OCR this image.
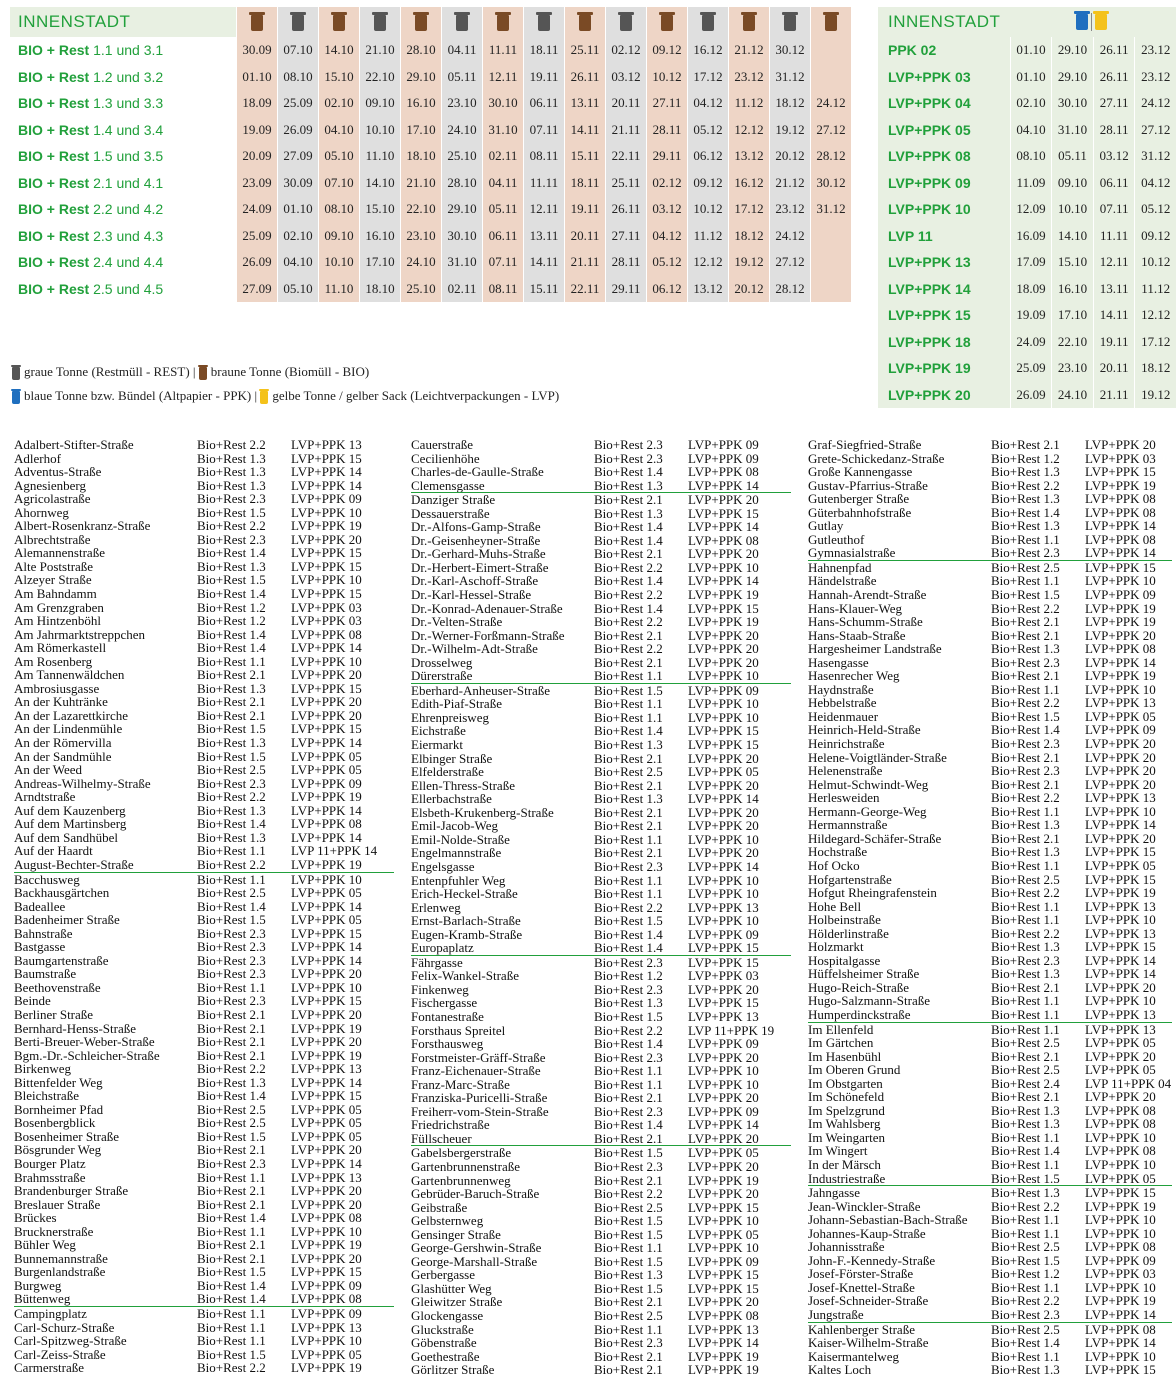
INNENSTADT															
BIO + Rest 1.1 und 3.1	30.09	07.10	14.10	21.10	28.10	04.11	11.11	18.11	25.11	02.12	09.12	16.12	21.12	30.12	
BIO + Rest 1.2 und 3.2	01.10	08.10	15.10	22.10	29.10	05.11	12.11	19.11	26.11	03.12	10.12	17.12	23.12	31.12	
BIO + Rest 1.3 und 3.3	18.09	25.09	02.10	09.10	16.10	23.10	30.10	06.11	13.11	20.11	27.11	04.12	11.12	18.12	24.12
BIO + Rest 1.4 und 3.4	19.09	26.09	04.10	10.10	17.10	24.10	31.10	07.11	14.11	21.11	28.11	05.12	12.12	19.12	27.12
BIO + Rest 1.5 und 3.5	20.09	27.09	05.10	11.10	18.10	25.10	02.11	08.11	15.11	22.11	29.11	06.12	13.12	20.12	28.12
BIO + Rest 2.1 und 4.1	23.09	30.09	07.10	14.10	21.10	28.10	04.11	11.11	18.11	25.11	02.12	09.12	16.12	21.12	30.12
BIO + Rest 2.2 und 4.2	24.09	01.10	08.10	15.10	22.10	29.10	05.11	12.11	19.11	26.11	03.12	10.12	17.12	23.12	31.12
BIO + Rest 2.3 und 4.3	25.09	02.10	09.10	16.10	23.10	30.10	06.11	13.11	20.11	27.11	04.12	11.12	18.12	24.12	
BIO + Rest 2.4 und 4.4	26.09	04.10	10.10	17.10	24.10	31.10	07.11	14.11	21.11	28.11	05.12	12.12	19.12	27.12	
BIO + Rest 2.5 und 4.5	27.09	05.10	11.10	18.10	25.10	02.11	08.11	15.11	22.11	29.11	06.12	13.12	20.12	28.12	
INNENSTADT				
PPK 02	01.10	29.10	26.11	23.12
LVP+PPK 03	01.10	29.10	26.11	23.12
LVP+PPK 04	02.10	30.10	27.11	24.12
LVP+PPK 05	04.10	31.10	28.11	27.12
LVP+PPK 08	08.10	05.11	03.12	31.12
LVP+PPK 09	11.09	09.10	06.11	04.12
LVP+PPK 10	12.09	10.10	07.11	05.12
LVP 11	16.09	14.10	11.11	09.12
LVP+PPK 13	17.09	15.10	12.11	10.12
LVP+PPK 14	18.09	16.10	13.11	11.12
LVP+PPK 15	19.09	17.10	14.11	12.12
LVP+PPK 18	24.09	22.10	19.11	17.12
LVP+PPK 19	25.09	23.10	20.11	18.12
LVP+PPK 20	26.09	24.10	21.11	19.12
graue Tonne (Restmüll - REST) | braune Tonne (Biomüll - BIO)
blaue Tonne bzw. Bündel (Altpapier - PPK) | gelbe Tonne / gelber Sack (Leichtverpackungen - LVP)
Adalbert-Stifter-Straße	Bio+Rest 2.2 LVP+PPK 13
Adlerhof	Bio+Rest 1.3 LVP+PPK 15
Adventus-Straße	Bio+Rest 1.3 LVP+PPK 14
Agnesienberg	Bio+Rest 1.3 LVP+PPK 14
Agricolastraße	Bio+Rest 2.3 LVP+PPK 09
Ahornweg	Bio+Rest 1.5 LVP+PPK 10
Albert-Rosenkranz-Straße	Bio+Rest 2.2 LVP+PPK 19
Albrechtstraße	Bio+Rest 2.3 LVP+PPK 20
Alemannenstraße	Bio+Rest 1.4 LVP+PPK 15
Alte Poststraße	Bio+Rest 1.3 LVP+PPK 15
Alzeyer Straße	Bio+Rest 1.5 LVP+PPK 10
Am Bahndamm	Bio+Rest 1.4 LVP+PPK 15
Am Grenzgraben	Bio+Rest 1.2 LVP+PPK 03
Am Hintzenböhl	Bio+Rest 1.2 LVP+PPK 03
Am Jahrmarktstreppchen	Bio+Rest 1.4 LVP+PPK 08
Am Römerkastell	Bio+Rest 1.4 LVP+PPK 14
Am Rosenberg	Bio+Rest 1.1 LVP+PPK 10
Am Tannenwäldchen	Bio+Rest 2.1 LVP+PPK 20
Ambrosiusgasse	Bio+Rest 1.3 LVP+PPK 15
An der Kuhtränke	Bio+Rest 2.1 LVP+PPK 20
An der Lazarettkirche	Bio+Rest 2.1 LVP+PPK 20
An der Lindenmühle	Bio+Rest 1.5 LVP+PPK 15
An der Römervilla	Bio+Rest 1.3 LVP+PPK 14
An der Sandmühle	Bio+Rest 1.5 LVP+PPK 05
An der Weed	Bio+Rest 2.5 LVP+PPK 05
Andreas-Wilhelmy-Straße	Bio+Rest 2.3 LVP+PPK 09
Arndtstraße	Bio+Rest 2.2 LVP+PPK 19
Auf dem Kauzenberg	Bio+Rest 1.3 LVP+PPK 14
Auf dem Martinsberg	Bio+Rest 1.4 LVP+PPK 08
Auf dem Sandhübel	Bio+Rest 1.3 LVP+PPK 14
Auf der Haardt	Bio+Rest 1.1 LVP 11+PPK 14
August-Bechter-Straße	Bio+Rest 2.2 LVP+PPK 19
Bacchusweg	Bio+Rest 1.1 LVP+PPK 10
Backhausgärtchen	Bio+Rest 2.5 LVP+PPK 05
Badeallee	Bio+Rest 1.4 LVP+PPK 14
Badenheimer Straße	Bio+Rest 1.5 LVP+PPK 05
Bahnstraße	Bio+Rest 2.3 LVP+PPK 15
Bastgasse	Bio+Rest 2.3 LVP+PPK 14
Baumgartenstraße	Bio+Rest 2.3 LVP+PPK 14
Baumstraße	Bio+Rest 2.3 LVP+PPK 20
Beethovenstraße	Bio+Rest 1.1 LVP+PPK 10
Beinde	Bio+Rest 2.3 LVP+PPK 15
Berliner Straße	Bio+Rest 2.1 LVP+PPK 20
Bernhard-Henss-Straße	Bio+Rest 2.1 LVP+PPK 19
Berti-Breuer-Weber-Straße	Bio+Rest 2.1 LVP+PPK 20
Bgm.-Dr.-Schleicher-Straße	Bio+Rest 2.1 LVP+PPK 19
Birkenweg	Bio+Rest 2.2 LVP+PPK 13
Bittenfelder Weg	Bio+Rest 1.3 LVP+PPK 14
Bleichstraße	Bio+Rest 1.4 LVP+PPK 15
Bornheimer Pfad	Bio+Rest 2.5 LVP+PPK 05
Bosenbergblick	Bio+Rest 2.5 LVP+PPK 05
Bosenheimer Straße	Bio+Rest 1.5 LVP+PPK 05
Bösgrunder Weg	Bio+Rest 2.1 LVP+PPK 20
Bourger Platz	Bio+Rest 2.3 LVP+PPK 14
Brahmsstraße	Bio+Rest 1.1 LVP+PPK 13
Brandenburger Straße	Bio+Rest 2.1 LVP+PPK 20
Breslauer Straße	Bio+Rest 2.1 LVP+PPK 20
Brückes	Bio+Rest 1.4 LVP+PPK 08
Brucknerstraße	Bio+Rest 1.1 LVP+PPK 10
Bühler Weg	Bio+Rest 2.1 LVP+PPK 19
Bunnemannstraße	Bio+Rest 2.1 LVP+PPK 20
Burgenlandstraße	Bio+Rest 1.5 LVP+PPK 15
Burgweg	Bio+Rest 1.4 LVP+PPK 09
Büttenweg	Bio+Rest 1.4 LVP+PPK 08
Campingplatz	Bio+Rest 1.1 LVP+PPK 09
Carl-Schurz-Straße	Bio+Rest 1.1 LVP+PPK 13
Carl-Spitzweg-Straße	Bio+Rest 1.1 LVP+PPK 10
Carl-Zeiss-Straße	Bio+Rest 1.5 LVP+PPK 05
Carmerstraße	Bio+Rest 2.2 LVP+PPK 19
Cauerstraße	Bio+Rest 2.3 LVP+PPK 09
Cecilienhöhe	Bio+Rest 2.3 LVP+PPK 09
Charles-de-Gaulle-Straße	Bio+Rest 1.4 LVP+PPK 08
Clemensgasse	Bio+Rest 1.3 LVP+PPK 14
Danziger Straße	Bio+Rest 2.1 LVP+PPK 20
Dessauerstraße	Bio+Rest 1.3 LVP+PPK 15
Dr.-Alfons-Gamp-Straße	Bio+Rest 1.4 LVP+PPK 14
Dr.-Geisenheyner-Straße	Bio+Rest 1.4 LVP+PPK 08
Dr.-Gerhard-Muhs-Straße	Bio+Rest 2.1 LVP+PPK 20
Dr.-Herbert-Eimert-Straße	Bio+Rest 2.2 LVP+PPK 10
Dr.-Karl-Aschoff-Straße	Bio+Rest 1.4 LVP+PPK 14
Dr.-Karl-Hessel-Straße	Bio+Rest 2.2 LVP+PPK 19
Dr.-Konrad-Adenauer-Straße Bio+Rest 1.4 LVP+PPK 15
Dr.-Velten-Straße	Bio+Rest 2.2 LVP+PPK 19
Dr.-Werner-Forßmann-Straße Bio+Rest 2.1 LVP+PPK 20
Dr.-Wilhelm-Adt-Straße	Bio+Rest 2.2 LVP+PPK 20
Drosselweg	Bio+Rest 2.1 LVP+PPK 20
Dürerstraße	Bio+Rest 1.1 LVP+PPK 10
Eberhard-Anheuser-Straße	Bio+Rest 1.5 LVP+PPK 09
Edith-Piaf-Straße	Bio+Rest 1.1 LVP+PPK 10
Ehrenpreisweg	Bio+Rest 1.1 LVP+PPK 10
Eichstraße	Bio+Rest 1.4 LVP+PPK 15
Eiermarkt	Bio+Rest 1.3 LVP+PPK 15
Elbinger Straße	Bio+Rest 2.1 LVP+PPK 20
Elfelderstraße	Bio+Rest 2.5 LVP+PPK 05
Ellen-Thress-Straße	Bio+Rest 2.1 LVP+PPK 20
Ellerbachstraße	Bio+Rest 1.3 LVP+PPK 14
Elsbeth-Krukenberg-Straße	Bio+Rest 2.1 LVP+PPK 20
Emil-Jacob-Weg	Bio+Rest 2.1 LVP+PPK 20
Emil-Nolde-Straße	Bio+Rest 1.1 LVP+PPK 10
Engelmannstraße	Bio+Rest 2.1 LVP+PPK 20
Engelsgasse	Bio+Rest 2.3 LVP+PPK 14
Entenpfuhler Weg	Bio+Rest 1.1 LVP+PPK 10
Erich-Heckel-Straße	Bio+Rest 1.1 LVP+PPK 10
Erlenweg	Bio+Rest 2.2 LVP+PPK 13
Ernst-Barlach-Straße	Bio+Rest 1.5 LVP+PPK 10
Eugen-Kramb-Straße	Bio+Rest 1.4 LVP+PPK 09
Europaplatz	Bio+Rest 1.4 LVP+PPK 15
Fährgasse	Bio+Rest 2.3 LVP+PPK 15
Felix-Wankel-Straße	Bio+Rest 1.2 LVP+PPK 03
Finkenweg	Bio+Rest 2.3 LVP+PPK 20
Fischergasse	Bio+Rest 1.3 LVP+PPK 15
Fontanestraße	Bio+Rest 1.5 LVP+PPK 13
Forsthaus Spreitel	Bio+Rest 2.2 LVP 11+PPK 19
Forsthausweg	Bio+Rest 1.4 LVP+PPK 09
Forstmeister-Gräff-Straße	Bio+Rest 2.3 LVP+PPK 20
Franz-Eichenauer-Straße	Bio+Rest 1.1 LVP+PPK 10
Franz-Marc-Straße	Bio+Rest 1.1 LVP+PPK 10
Franziska-Puricelli-Straße	Bio+Rest 2.1 LVP+PPK 20
Freiherr-vom-Stein-Straße	Bio+Rest 2.3 LVP+PPK 09
Friedrichstraße	Bio+Rest 1.4 LVP+PPK 14
Füllscheuer	Bio+Rest 2.1 LVP+PPK 20
Gabelsbergerstraße	Bio+Rest 1.5 LVP+PPK 05
Gartenbrunnenstraße	Bio+Rest 2.3 LVP+PPK 20
Gartenbrunnenweg	Bio+Rest 2.1 LVP+PPK 19
Gebrüder-Baruch-Straße	Bio+Rest 2.2 LVP+PPK 20
Geibstraße	Bio+Rest 2.5 LVP+PPK 15
Gelbsternweg	Bio+Rest 1.5 LVP+PPK 10
Gensinger Straße	Bio+Rest 1.5 LVP+PPK 05
George-Gershwin-Straße	Bio+Rest 1.1 LVP+PPK 10
George-Marshall-Straße	Bio+Rest 1.5 LVP+PPK 09
Gerbergasse	Bio+Rest 1.3 LVP+PPK 15
Glashütter Weg	Bio+Rest 1.5 LVP+PPK 15
Gleiwitzer Straße	Bio+Rest 2.1 LVP+PPK 20
Glockengasse	Bio+Rest 2.5 LVP+PPK 08
Gluckstraße	Bio+Rest 1.1 LVP+PPK 13
Göbenstraße	Bio+Rest 2.3 LVP+PPK 14
Goethestraße	Bio+Rest 2.1 LVP+PPK 19
Görlitzer Straße	Bio+Rest 2.1 LVP+PPK 19
Graf-Siegfried-Straße	Bio+Rest 2.1 LVP+PPK 20
Grete-Schickedanz-Straße	Bio+Rest 1.2 LVP+PPK 03
Große Kannengasse	Bio+Rest 1.3 LVP+PPK 15
Gustav-Pfarrius-Straße	Bio+Rest 2.2 LVP+PPK 19
Gutenberger Straße	Bio+Rest 1.3 LVP+PPK 08
Güterbahnhofstraße	Bio+Rest 1.4 LVP+PPK 08
Gutlay	Bio+Rest 1.3 LVP+PPK 14
Gutleuthof	Bio+Rest 1.1 LVP+PPK 08
Gymnasialstraße	Bio+Rest 2.3 LVP+PPK 14
Hahnenpfad	Bio+Rest 2.5 LVP+PPK 15
Händelstraße	Bio+Rest 1.1 LVP+PPK 10
Hannah-Arendt-Straße	Bio+Rest 1.5 LVP+PPK 09
Hans-Klauer-Weg	Bio+Rest 2.2 LVP+PPK 19
Hans-Schumm-Straße	Bio+Rest 2.1 LVP+PPK 19
Hans-Staab-Straße	Bio+Rest 2.1 LVP+PPK 20
Hargesheimer Landstraße	Bio+Rest 1.3 LVP+PPK 08
Hasengasse	Bio+Rest 2.3 LVP+PPK 14
Hasenrecher Weg	Bio+Rest 2.1 LVP+PPK 19
Haydnstraße	Bio+Rest 1.1 LVP+PPK 10
Hebbelstraße	Bio+Rest 2.2 LVP+PPK 13
Heidenmauer	Bio+Rest 1.5 LVP+PPK 05
Heinrich-Held-Straße	Bio+Rest 1.4 LVP+PPK 09
Heinrichstraße	Bio+Rest 2.3 LVP+PPK 20
Helene-Voigtländer-Straße	Bio+Rest 2.1 LVP+PPK 20
Helenenstraße	Bio+Rest 2.3 LVP+PPK 20
Helmut-Schwindt-Weg	Bio+Rest 2.1 LVP+PPK 20
Herlesweiden	Bio+Rest 2.2 LVP+PPK 13
Hermann-George-Weg	Bio+Rest 1.1 LVP+PPK 10
Hermannstraße	Bio+Rest 1.3 LVP+PPK 14
Hildegard-Schäfer-Straße	Bio+Rest 2.1 LVP+PPK 20
Hochstraße	Bio+Rest 1.3 LVP+PPK 15
Hof Ocko	Bio+Rest 1.1 LVP+PPK 05
Hofgartenstraße	Bio+Rest 2.5 LVP+PPK 15
Hofgut Rheingrafenstein	Bio+Rest 2.2 LVP+PPK 19
Hohe Bell	Bio+Rest 1.1 LVP+PPK 13
Holbeinstraße	Bio+Rest 1.1 LVP+PPK 10
Hölderlinstraße	Bio+Rest 2.2 LVP+PPK 13
Holzmarkt	Bio+Rest 1.3 LVP+PPK 15
Hospitalgasse	Bio+Rest 2.3 LVP+PPK 14
Hüffelsheimer Straße	Bio+Rest 1.3 LVP+PPK 14
Hugo-Reich-Straße	Bio+Rest 2.1 LVP+PPK 20
Hugo-Salzmann-Straße	Bio+Rest 1.1 LVP+PPK 10
Humperdinckstraße	Bio+Rest 1.1 LVP+PPK 13
Im Ellenfeld	Bio+Rest 1.1 LVP+PPK 13
Im Gärtchen	Bio+Rest 2.5 LVP+PPK 05
Im Hasenbühl	Bio+Rest 2.1 LVP+PPK 20
Im Oberen Grund	Bio+Rest 2.5 LVP+PPK 05
Im Obstgarten	Bio+Rest 2.4 LVP 11+PPK 04
Im Schönefeld	Bio+Rest 2.1 LVP+PPK 20
Im Spelzgrund	Bio+Rest 1.3 LVP+PPK 08
Im Wahlsberg	Bio+Rest 1.3 LVP+PPK 08
Im Weingarten	Bio+Rest 1.1 LVP+PPK 10
Im Wingert	Bio+Rest 1.4 LVP+PPK 08
In der Märsch	Bio+Rest 1.1 LVP+PPK 10
Industriestraße	Bio+Rest 1.5 LVP+PPK 05
Jahngasse	Bio+Rest 1.3 LVP+PPK 15
Jean-Winckler-Straße	Bio+Rest 2.2 LVP+PPK 19
Johann-Sebastian-Bach-Straße Bio+Rest 1.1 LVP+PPK 10
Johannes-Kaup-Straße	Bio+Rest 1.1 LVP+PPK 10
Johannisstraße	Bio+Rest 2.5 LVP+PPK 08
John-F.-Kennedy-Straße	Bio+Rest 1.5 LVP+PPK 09
Josef-Förster-Straße	Bio+Rest 1.2 LVP+PPK 03
Josef-Knettel-Straße	Bio+Rest 1.1 LVP+PPK 10
Josef-Schneider-Straße	Bio+Rest 2.2 LVP+PPK 19
Jungstraße	Bio+Rest 2.3 LVP+PPK 14
Kahlenberger Straße	Bio+Rest 2.5 LVP+PPK 08
Kaiser-Wilhelm-Straße	Bio+Rest 1.4 LVP+PPK 14
Kaisermantelweg	Bio+Rest 1.1 LVP+PPK 10
Kaltes Loch	Bio+Rest 1.3 LVP+PPK 15
